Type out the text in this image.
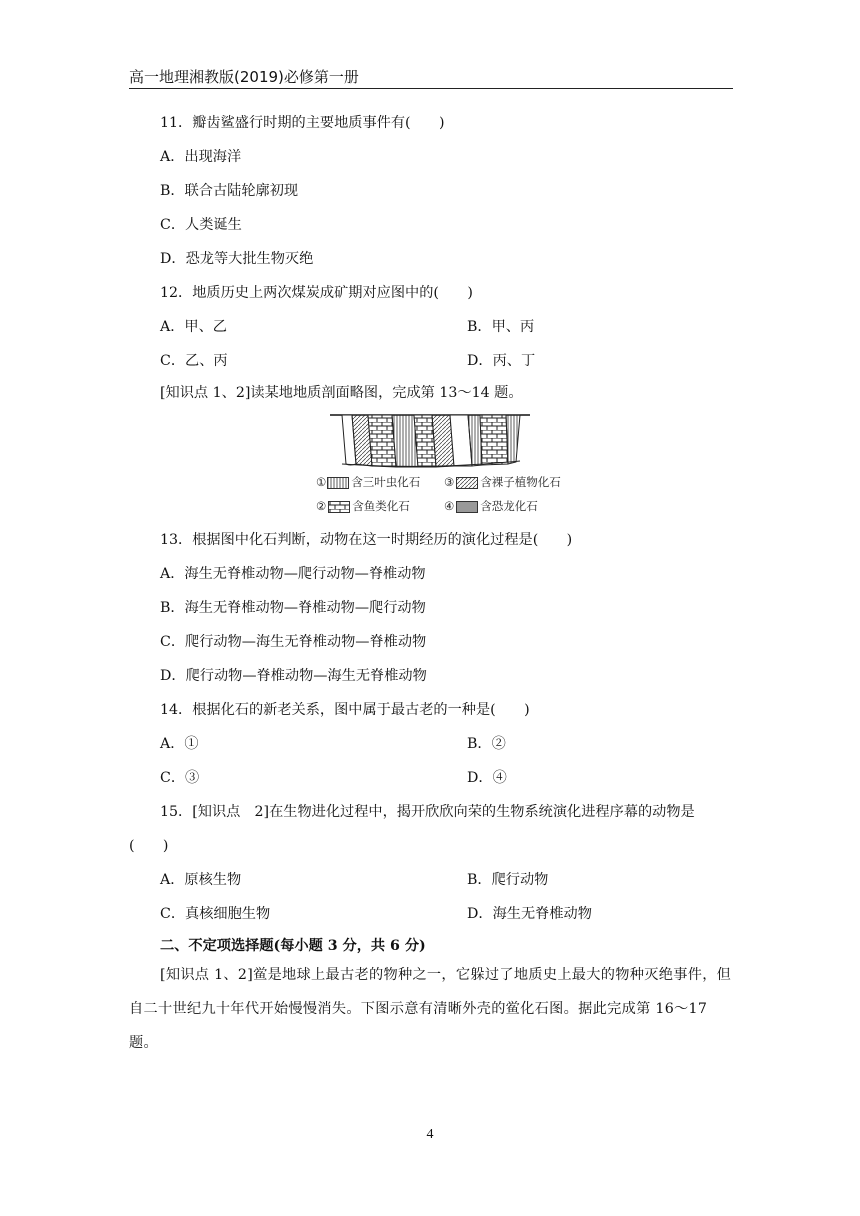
高一地理湘教版(2019)必修第一册
11．瓣齿鲨盛行时期的主要地质事件有(　　)
A．出现海洋
B．联合古陆轮廓初现
C．人类诞生
D．恐龙等大批生物灭绝
12．地质历史上两次煤炭成矿期对应图中的(　　)
A．甲、乙	B．甲、丙
C．乙、丙	D．丙、丁
[知识点 1、2]读某地地质剖面略图，完成第 13～14 题。
① 含三叶虫化石 ③ 含裸子植物化石
② 含鱼类化石	④ 含恐龙化石
13．根据图中化石判断，动物在这一时期经历的演化过程是(　　)
A．海生无脊椎动物—爬行动物—脊椎动物
B．海生无脊椎动物—脊椎动物—爬行动物
C．爬行动物—海生无脊椎动物—脊椎动物
D．爬行动物—脊椎动物—海生无脊椎动物
14．根据化石的新老关系，图中属于最古老的一种是(　　)
A．①	B．②
C．③	D．④
15．[知识点　2]在生物进化过程中，揭开欣欣向荣的生物系统演化进程序幕的动物是
(　　)
A．原核生物	B．爬行动物
C．真核细胞生物	D．海生无脊椎动物
二、不定项选择题(每小题 3 分，共 6 分)
[知识点 1、2]鲎是地球上最古老的物种之一，它躲过了地质史上最大的物种灭绝事件，但自二十世纪九十年代开始慢慢消失。下图示意有清晰外壳的鲎化石图。据此完成第 16～17 题。
4
